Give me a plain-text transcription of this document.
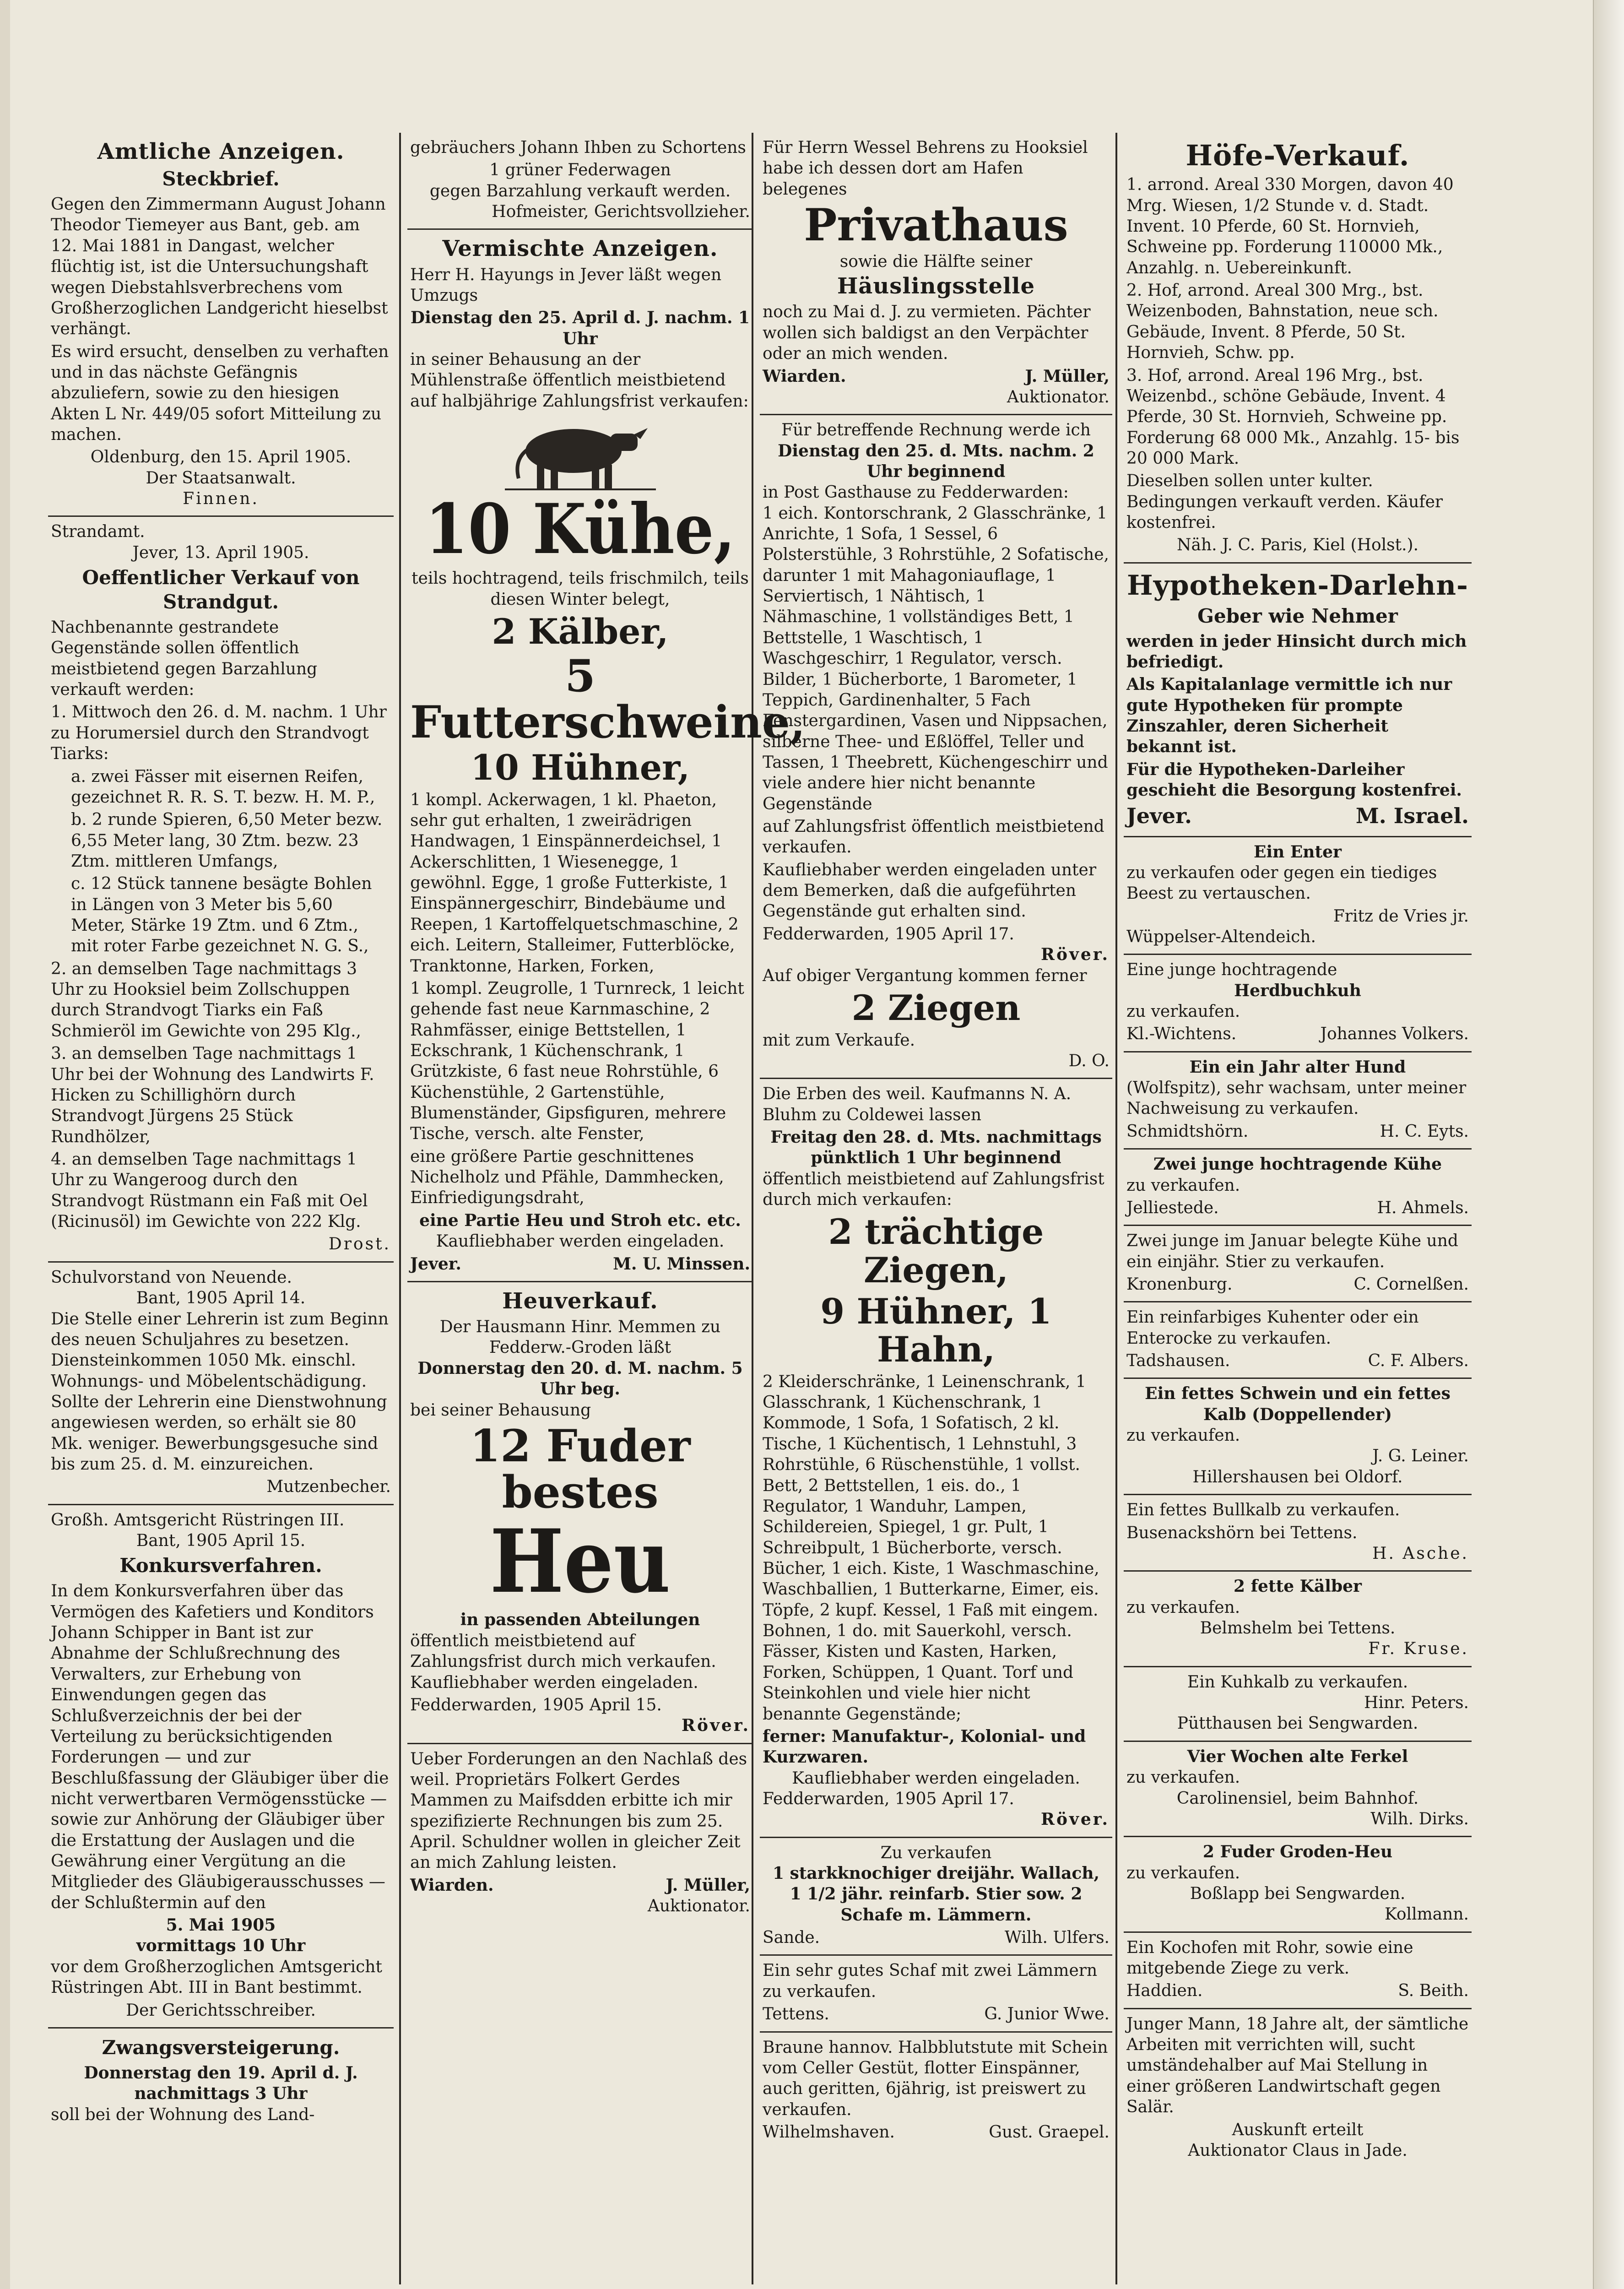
Amtliche Anzeigen.
Steckbrief.

Gegen den Zimmermann August Johann Theodor Tiemeyer aus Bant, geb. am 12. Mai 1881 in Dangast, welcher flüchtig ist, ist die Untersuchungshaft wegen Diebstahlsverbrechens vom Großherzoglichen Landgericht hieselbst verhängt.

Es wird ersucht, denselben zu verhaften und in das nächste Gefängnis abzuliefern, sowie zu den hiesigen Akten L Nr. 449/05 sofort Mitteilung zu machen.

Oldenburg, den 15. April 1905.
Der Staatsanwalt.
Finnen.
Strandamt.
Jever, 13. April 1905.
Oeffentlicher Verkauf von Strandgut.

Nachbenannte gestrandete Gegenstände sollen öffentlich meistbietend gegen Barzahlung verkauft werden:

1. Mittwoch den 26. d. M. nachm. 1 Uhr zu Horumersiel durch den Strandvogt Tiarks:

a. zwei Fässer mit eisernen Reifen, gezeichnet R. R. S. T. bezw. H. M. P.,

b. 2 runde Spieren, 6,50 Meter bezw. 6,55 Meter lang, 30 Ztm. bezw. 23 Ztm. mittleren Umfangs,

c. 12 Stück tannene besägte Bohlen in Längen von 3 Meter bis 5,60 Meter, Stärke 19 Ztm. und 6 Ztm., mit roter Farbe gezeichnet N. G. S.,

2. an demselben Tage nachmittags 3 Uhr zu Hooksiel beim Zollschuppen durch Strandvogt Tiarks ein Faß Schmieröl im Gewichte von 295 Klg.,

3. an demselben Tage nachmittags 1 Uhr bei der Wohnung des Landwirts F. Hicken zu Schillighörn durch Strandvogt Jürgens 25 Stück Rundhölzer,

4. an demselben Tage nachmittags 1 Uhr zu Wangeroog durch den Strandvogt Rüstmann ein Faß mit Oel (Ricinusöl) im Gewichte von 222 Klg.

Drost.
Schulvorstand von Neuende.
Bant, 1905 April 14.

Die Stelle einer Lehrerin ist zum Beginn des neuen Schuljahres zu besetzen. Diensteinkommen 1050 Mk. einschl. Wohnungs- und Möbelentschädigung. Sollte der Lehrerin eine Dienstwohnung angewiesen werden, so erhält sie 80 Mk. weniger. Bewerbungsgesuche sind bis zum 25. d. M. einzureichen.

Mutzenbecher.
Großh. Amtsgericht Rüstringen III.
Bant, 1905 April 15.
Konkursverfahren.

In dem Konkursverfahren über das Vermögen des Kafetiers und Konditors Johann Schipper in Bant ist zur Abnahme der Schlußrechnung des Verwalters, zur Erhebung von Einwendungen gegen das Schlußverzeichnis der bei der Verteilung zu berücksichtigenden Forderungen — und zur Beschlußfassung der Gläubiger über die nicht verwertbaren Vermögensstücke — sowie zur Anhörung der Gläubiger über die Erstattung der Auslagen und die Gewährung einer Vergütung an die Mitglieder des Gläubigerausschusses — der Schlußtermin auf den

5. Mai 1905
vormittags 10 Uhr

vor dem Großherzoglichen Amtsgericht Rüstringen Abt. III in Bant bestimmt.

Der Gerichtsschreiber.
Zwangsversteigerung.
Donnerstag den 19. April d. J. nachmittags 3 Uhr

soll bei der Wohnung des Land-

gebräuchers Johann Ihben zu Schortens

1 grüner Federwagen
gegen Barzahlung verkauft werden.
Hofmeister, Gerichtsvollzieher.
Vermischte Anzeigen.

Herr H. Hayungs in Jever läßt wegen Umzugs

Dienstag den 25. April d. J. nachm. 1 Uhr

in seiner Behausung an der Mühlenstraße öffentlich meistbietend auf halbjährige Zahlungsfrist verkaufen:

10 Kühe,
teils hochtragend, teils frischmilch, teils diesen Winter belegt,
2 Kälber,
5 Futterschweine,
10 Hühner,

1 kompl. Ackerwagen, 1 kl. Phaeton, sehr gut erhalten, 1 zweirädrigen Handwagen, 1 Einspännerdeichsel, 1 Ackerschlitten, 1 Wiesenegge, 1 gewöhnl. Egge, 1 große Futterkiste, 1 Einspännergeschirr, Bindebäume und Reepen, 1 Kartoffelquetschmaschine, 2 eich. Leitern, Stalleimer, Futterblöcke, Tranktonne, Harken, Forken,

1 kompl. Zeugrolle, 1 Turnreck, 1 leicht gehende fast neue Karnmaschine, 2 Rahmfässer, einige Bettstellen, 1 Eckschrank, 1 Küchenschrank, 1 Grützkiste, 6 fast neue Rohrstühle, 6 Küchenstühle, 2 Gartenstühle, Blumenständer, Gipsfiguren, mehrere Tische, versch. alte Fenster,

eine größere Partie geschnittenes Nichelholz und Pfähle, Dammhecken, Einfriedigungsdraht,

eine Partie Heu und Stroh etc. etc.
Kaufliebhaber werden eingeladen.
Jever.	M. U. Minssen.
Heuverkauf.
Der Hausmann Hinr. Memmen zu Fedderw.-Groden läßt
Donnerstag den 20. d. M. nachm. 5 Uhr beg.
bei seiner Behausung
12 Fuder bestes
Heu
in passenden Abteilungen

öffentlich meistbietend auf Zahlungsfrist durch mich verkaufen. Kaufliebhaber werden eingeladen.

Fedderwarden, 1905 April 15.
Röver.

Ueber Forderungen an den Nachlaß des weil. Proprietärs Folkert Gerdes Mammen zu Maifsdden erbitte ich mir spezifizierte Rechnungen bis zum 25. April. Schuldner wollen in gleicher Zeit an mich Zahlung leisten.

Wiarden.	J. Müller,
Auktionator.

Für Herrn Wessel Behrens zu Hooksiel habe ich dessen dort am Hafen belegenes

Privathaus
sowie die Hälfte seiner
Häuslingsstelle

noch zu Mai d. J. zu vermieten. Pächter wollen sich baldigst an den Verpächter oder an mich wenden.

Wiarden.	J. Müller,
Auktionator.
Für betreffende Rechnung werde ich
Dienstag den 25. d. Mts. nachm. 2 Uhr beginnend
in Post Gasthause zu Fedderwarden:

1 eich. Kontorschrank, 2 Glasschränke, 1 Anrichte, 1 Sofa, 1 Sessel, 6 Polsterstühle, 3 Rohrstühle, 2 Sofatische, darunter 1 mit Mahagoniauflage, 1 Serviertisch, 1 Nähtisch, 1 Nähmaschine, 1 vollständiges Bett, 1 Bettstelle, 1 Waschtisch, 1 Waschgeschirr, 1 Regulator, versch. Bilder, 1 Bücherborte, 1 Barometer, 1 Teppich, Gardinenhalter, 5 Fach Fenstergardinen, Vasen und Nippsachen, silberne Thee- und Eßlöffel, Teller und Tassen, 1 Theebrett, Küchengeschirr und viele andere hier nicht benannte Gegenstände

auf Zahlungsfrist öffentlich meistbietend verkaufen.

Kaufliebhaber werden eingeladen unter dem Bemerken, daß die aufgeführten Gegenstände gut erhalten sind.

Fedderwarden, 1905 April 17.
Röver.

Auf obiger Vergantung kommen ferner

2 Ziegen
mit zum Verkaufe.
D. O.

Die Erben des weil. Kaufmanns N. A. Bluhm zu Coldewei lassen

Freitag den 28. d. Mts. nachmittags pünktlich 1 Uhr beginnend

öffentlich meistbietend auf Zahlungsfrist durch mich verkaufen:

2 trächtige Ziegen,
9 Hühner, 1 Hahn,

2 Kleiderschränke, 1 Leinenschrank, 1 Glasschrank, 1 Küchenschrank, 1 Kommode, 1 Sofa, 1 Sofatisch, 2 kl. Tische, 1 Küchentisch, 1 Lehnstuhl, 3 Rohrstühle, 6 Rüschenstühle, 1 vollst. Bett, 2 Bettstellen, 1 eis. do., 1 Regulator, 1 Wanduhr, Lampen, Schildereien, Spiegel, 1 gr. Pult, 1 Schreibpult, 1 Bücherborte, versch. Bücher, 1 eich. Kiste, 1 Waschmaschine, Waschballien, 1 Butterkarne, Eimer, eis. Töpfe, 2 kupf. Kessel, 1 Faß mit eingem. Bohnen, 1 do. mit Sauerkohl, versch. Fässer, Kisten und Kasten, Harken, Forken, Schüppen, 1 Quant. Torf und Steinkohlen und viele hier nicht benannte Gegenstände;

ferner: Manufaktur-, Kolonial- und Kurzwaren.
Kaufliebhaber werden eingeladen.
Fedderwarden, 1905 April 17.
Röver.
Zu verkaufen
1 starkknochiger dreijähr. Wallach,
1 1/2 jähr. reinfarb. Stier sow. 2 Schafe m. Lämmern.
Sande.	Wilh. Ulfers.

Ein sehr gutes Schaf mit zwei Lämmern zu verkaufen.

Tettens.	G. Junior Wwe.

Braune hannov. Halbblutstute mit Schein vom Celler Gestüt, flotter Einspänner, auch geritten, 6jährig, ist preiswert zu verkaufen.

Wilhelmshaven.	Gust. Graepel.
Höfe-Verkauf.

1. arrond. Areal 330 Morgen, davon 40 Mrg. Wiesen, 1/2 Stunde v. d. Stadt. Invent. 10 Pferde, 60 St. Hornvieh, Schweine pp. Forderung 110000 Mk., Anzahlg. n. Uebereinkunft.

2. Hof, arrond. Areal 300 Mrg., bst. Weizenboden, Bahnstation, neue sch. Gebäude, Invent. 8 Pferde, 50 St. Hornvieh, Schw. pp.

3. Hof, arrond. Areal 196 Mrg., bst. Weizenbd., schöne Gebäude, Invent. 4 Pferde, 30 St. Hornvieh, Schweine pp. Forderung 68 000 Mk., Anzahlg. 15- bis 20 000 Mark.

Dieselben sollen unter kulter. Bedingungen verkauft verden. Käufer kostenfrei.

Näh. J. C. Paris, Kiel (Holst.).
Hypotheken-Darlehn-
Geber wie Nehmer

werden in jeder Hinsicht durch mich befriedigt.

Als Kapitalanlage vermittle ich nur gute Hypotheken für prompte Zinszahler, deren Sicherheit bekannt ist.

Für die Hypotheken-Darleiher geschieht die Besorgung kostenfrei.

Jever.	M. Israel.
Ein Enter

zu verkaufen oder gegen ein tiediges Beest zu vertauschen.

Fritz de Vries jr.
Wüppelser-Altendeich.
Eine junge hochtragende
Herdbuchkuh
zu verkaufen.
Kl.-Wichtens.	Johannes Volkers.
Ein ein Jahr alter Hund

(Wolfspitz), sehr wachsam, unter meiner Nachweisung zu verkaufen.

Schmidtshörn.	H. C. Eyts.
Zwei junge hochtragende Kühe
zu verkaufen.
Jelliestede.	H. Ahmels.

Zwei junge im Januar belegte Kühe und ein einjähr. Stier zu verkaufen.

Kronenburg.	C. Cornelßen.

Ein reinfarbiges Kuhenter oder ein Enterocke zu verkaufen.

Tadshausen.	C. F. Albers.
Ein fettes Schwein und ein fettes Kalb (Doppellender)
zu verkaufen.
J. G. Leiner.
Hillershausen bei Oldorf.

Ein fettes Bullkalb zu verkaufen.

Busenackshörn bei Tettens.
H. Asche.
2 fette Kälber
zu verkaufen.
Belmshelm bei Tettens.
Fr. Kruse.
Ein Kuhkalb zu verkaufen.
Hinr. Peters.
Pütthausen bei Sengwarden.
Vier Wochen alte Ferkel
zu verkaufen.
Carolinensiel, beim Bahnhof.
Wilh. Dirks.
2 Fuder Groden-Heu
zu verkaufen.
Boßlapp bei Sengwarden.
Kollmann.

Ein Kochofen mit Rohr, sowie eine mitgebende Ziege zu verk.

Haddien.	S. Beith.

Junger Mann, 18 Jahre alt, der sämtliche Arbeiten mit verrichten will, sucht umständehalber auf Mai Stellung in einer größeren Landwirtschaft gegen Salär.

Auskunft erteilt
Auktionator Claus in Jade.
